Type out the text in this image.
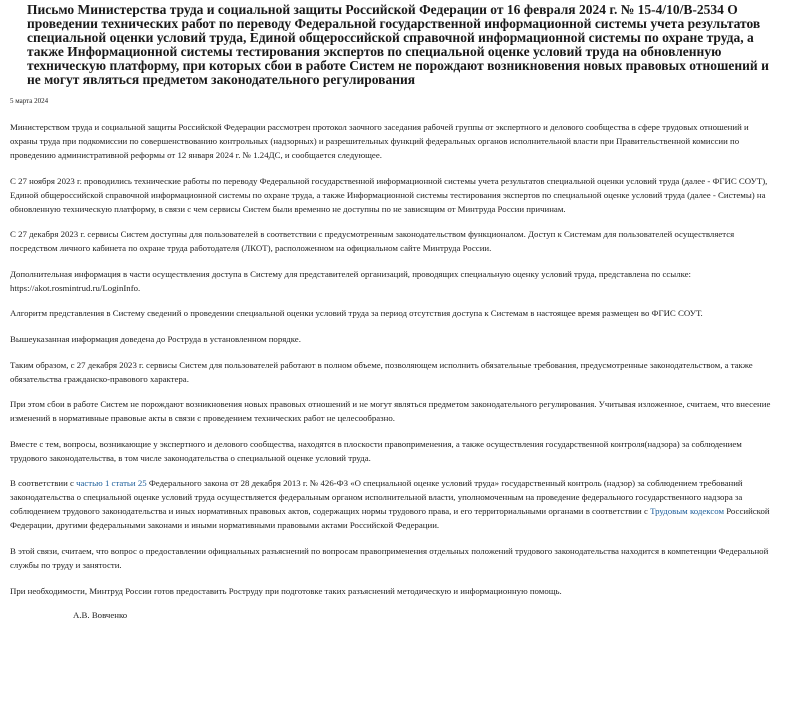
Письмо Министерства труда и социальной защиты Российской Федерации от 16 февраля 2024 г. № 15-4/10/В-2534 О проведении технических работ по переводу Федеральной государственной информационной системы учета результатов специальной оценки условий труда, Единой общероссийской справочной информационной системы по охране труда, а также Информационной системы тестирования экспертов по специальной оценке условий труда на обновленную техническую платформу, при которых сбои в работе Систем не порождают возникновения новых правовых отношений и не могут являться предметом законодательного регулирования
5 марта 2024

Министерством труда и социальной защиты Российской Федерации рассмотрен протокол заочного заседания рабочей группы от экспертного и делового сообщества в сфере трудовых отношений и охраны труда при подкомиссии по совершенствованию контрольных (надзорных) и разрешительных функций федеральных органов исполнительной власти при Правительственной комиссии по проведению административной реформы от 12 января 2024 г. № 1.24ДС, и сообщается следующее.

С 27 ноября 2023 г. проводились технические работы по переводу Федеральной государственной информационной системы учета результатов специальной оценки условий труда (далее - ФГИС СОУТ), Единой общероссийской справочной информационной системы по охране труда, а также Информационной системы тестирования экспертов по специальной оценке условий труда (далее - Системы) на обновленную техническую платформу, в связи с чем сервисы Систем были временно не доступны по не зависящим от Минтруда России причинам.

С 27 декабря 2023 г. сервисы Систем доступны для пользователей в соответствии с предусмотренным законодательством функционалом. Доступ к Системам для пользователей осуществляется посредством личного кабинета по охране труда работодателя (ЛКОТ), расположенном на официальном сайте Минтруда России.

Дополнительная информация в части осуществления доступа в Систему для представителей организаций, проводящих специальную оценку условий труда, представлена по ссылке: https://akot.rosmintrud.ru/LoginInfo.

Алгоритм представления в Систему сведений о проведении специальной оценки условий труда за период отсутствия доступа к Системам в настоящее время размещен во ФГИС СОУТ.

Вышеуказанная информация доведена до Роструда в установленном порядке.

Таким образом, с 27 декабря 2023 г. сервисы Систем для пользователей работают в полном объеме, позволяющем исполнить обязательные требования, предусмотренные законодательством, а также обязательства гражданско-правового характера.

При этом сбои в работе Систем не порождают возникновения новых правовых отношений и не могут являться предметом законодательного регулирования. Учитывая изложенное, считаем, что внесение изменений в нормативные правовые акты в связи с проведением технических работ не целесообразно.

Вместе с тем, вопросы, возникающие у экспертного и делового сообщества, находятся в плоскости правоприменения, а также осуществления государственной контроля(надзора) за соблюдением трудового законодательства, в том числе законодательства о специальной оценке условий труда.

В соответствии с частью 1 статьи 25 Федерального закона от 28 декабря 2013 г. № 426-ФЗ «О специальной оценке условий труда» государственный контроль (надзор) за соблюдением требований законодательства о специальной оценке условий труда осуществляется федеральным органом исполнительной власти, уполномоченным на проведение федерального государственного надзора за соблюдением трудового законодательства и иных нормативных правовых актов, содержащих нормы трудового права, и его территориальными органами в соответствии с Трудовым кодексом Российской Федерации, другими федеральными законами и иными нормативными правовыми актами Российской Федерации.

В этой связи, считаем, что вопрос о предоставлении официальных разъяснений по вопросам правоприменения отдельных положений трудового законодательства находится в компетенции Федеральной службы по труду и занятости.

При необходимости, Минтруд России готов предоставить Роструду при подготовке таких разъяснений методическую и информационную помощь.

А.В. Вовченко
